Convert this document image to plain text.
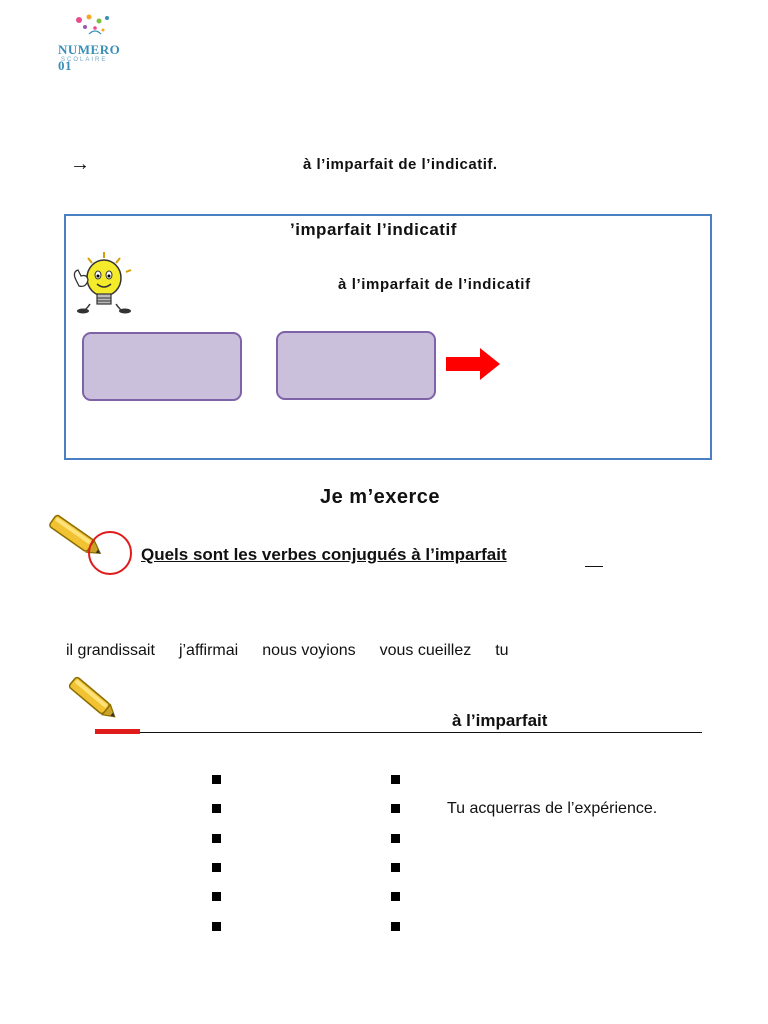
NUMERO 01
SCOLAIRE
→	à l’imparfait de l’indicatif.
’imparfait l’indicatif
à l’imparfait de l’indicatif
Je m’exerce
Quels sont les verbes conjugués à l’imparfait
il grandissait j’affirmai nous voyions vous cueillez tu
à l’imparfait
Tu acquerras de l’expérience.
